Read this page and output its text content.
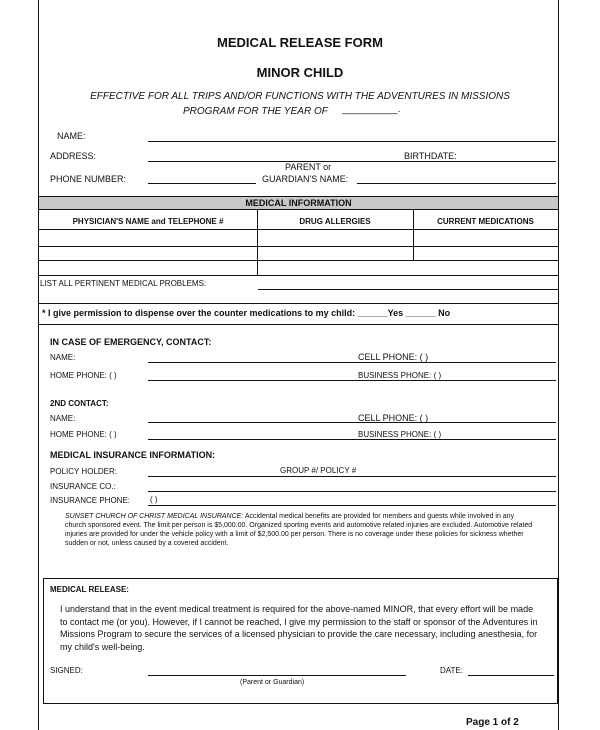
MEDICAL RELEASE FORM
MINOR CHILD
EFFECTIVE FOR ALL TRIPS AND/OR FUNCTIONS WITH THE ADVENTURES IN MISSIONS
PROGRAM FOR THE YEAR OF __________.
NAME:
ADDRESS:	BIRTHDATE:
PHONE NUMBER:
PARENT or
GUARDIAN'S NAME:
MEDICAL INFORMATION
PHYSICIAN'S NAME and TELEPHONE #	DRUG ALLERGIES	CURRENT MEDICATIONS
LIST ALL PERTINENT MEDICAL PROBLEMS:
* I give permission to dispense over the counter medications to my child: ______Yes ______ No
IN CASE OF EMERGENCY, CONTACT:
NAME:	CELL PHONE: ( )
HOME PHONE: ( )	BUSINESS PHONE: ( )
2ND CONTACT:
NAME:	CELL PHONE: ( )
HOME PHONE: ( )	BUSINESS PHONE: ( )
MEDICAL INSURANCE INFORMATION:
POLICY HOLDER:	GROUP #/ POLICY #
INSURANCE CO.:
INSURANCE PHONE: ( )
SUNSET CHURCH OF CHRIST MEDICAL INSURANCE: Accidental medical benefits are provided for members and guests while involved in any church sponsored event. The limit per person is $5,000.00. Organized sporting events and automotive related injuries are excluded. Automotive related injuries are provided for under the vehicle policy with a limit of $2,500.00 per person. There is no coverage under these policies for sickness whether sudden or not, unless caused by a covered accident.
MEDICAL RELEASE:
I understand that in the event medical treatment is required for the above-named MINOR, that every effort will be made to contact me (or you). However, if I cannot be reached, I give my permission to the staff or sponsor of the Adventures in Missions Program to secure the services of a licensed physician to provide the care necessary, including anesthesia, for my child's well-being.
SIGNED:	DATE:
(Parent or Guardian)
Page 1 of 2
